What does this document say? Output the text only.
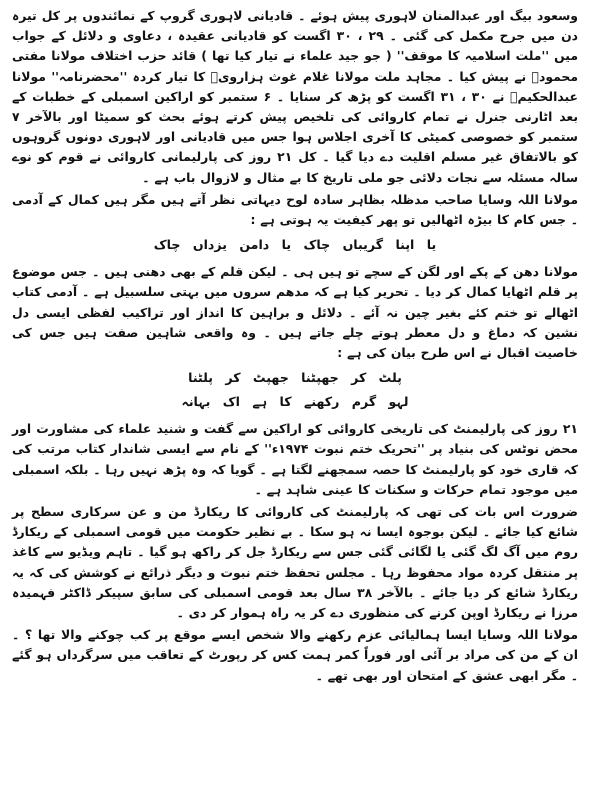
وسعود بیگ اور عبدالمنان لاہوری پیش ہوئے ۔ قادیانی لاہوری گروپ کے نمائندوں پر کل تیرہ دن میں جرح مکمل کی گئی ۔ ۲۹ ، ۳۰ اگست کو قادیانی عقیدہ ، دعاوی و دلائل کے جواب میں ''ملت اسلامیہ کا موقف'' ( جو جید علماء نے تیار کیا تھا ) قائد حزب اختلاف مولانا مفتی محمودؒ نے پیش کیا ۔ مجاہد ملت مولانا غلام غوث ہزارویؒ کا تیار کردہ ''محضرنامہ'' مولانا عبدالحکیمؒ نے ۳۰ ، ۳۱ اگست کو پڑھ کر سنایا ۔ ۶ ستمبر کو اراکین اسمبلی کے خطبات کے بعد اٹارنی جنرل نے تمام کاروائی کی تلخیص پیش کرتے ہوئے بحث کو سمیٹا اور بالآخر ۷ ستمبر کو خصوصی کمیٹی کا آخری اجلاس ہوا جس میں قادیانی اور لاہوری دونوں گروہوں کو بالاتفاق غیر مسلم اقلیت دے دیا گیا ۔ کل ۲۱ روز کی پارلیمانی کاروائی نے قوم کو نوے سالہ مسئلہ سے نجات دلائی جو ملی تاریخ کا بے مثال و لازوال باب ہے ۔

مولانا اللہ وسایا صاحب مدظلہ بظاہر سادہ لوح دیہاتی نظر آتے ہیں مگر ہیں کمال کے آدمی ۔ جس کام کا بیڑہ اٹھالیں تو پھر کیفیت یہ ہوتی ہے :

یا اپنا گریباں چاک یا دامن یزداں چاک

مولانا دھن کے پکے اور لگن کے سچے تو ہیں ہی ۔ لیکن قلم کے بھی دھنی ہیں ۔ جس موضوع پر قلم اٹھایا کمال کر دیا ۔ تحریر کیا ہے کہ مدھم سروں میں بہتی سلسبیل ہے ۔ آدمی کتاب اٹھالے تو ختم کئے بغیر چین نہ آئے ۔ دلائل و براہین کا انداز اور تراکیب لفظی ایسی دل نشین کہ دماغ و دل معطر ہوتے چلے جاتے ہیں ۔ وہ واقعی شاہین صفت ہیں جس کی خاصیت اقبال نے اس طرح بیان کی ہے :

پلٹ کر جھپٹنا جھپٹ کر پلٹنا
لہو گرم رکھنے کا ہے اک بہانہ

۲۱ روز کی پارلیمنٹ کی تاریخی کاروائی کو اراکین سے گفت و شنید علماء کی مشاورت اور محض نوٹس کی بنیاد پر ''تحریک ختم نبوت ۱۹۷۴ء'' کے نام سے ایسی شاندار کتاب مرتب کی کہ قاری خود کو پارلیمنٹ کا حصہ سمجھنے لگتا ہے ۔ گویا کہ وہ پڑھ نہیں رہا ۔ بلکہ اسمبلی میں موجود تمام حرکات و سکنات کا عینی شاہد ہے ۔

ضرورت اس بات کی تھی کہ پارلیمنٹ کی کاروائی کا ریکارڈ من و عن سرکاری سطح پر شائع کیا جائے ۔ لیکن بوجوہ ایسا نہ ہو سکا ۔ بے نظیر حکومت میں قومی اسمبلی کے ریکارڈ روم میں آگ لگ گئی یا لگائی گئی جس سے ریکارڈ جل کر راکھ ہو گیا ۔ تاہم ویڈیو سے کاغذ پر منتقل کردہ مواد محفوظ رہا ۔ مجلس تحفظ ختم نبوت و دیگر ذرائع نے کوشش کی کہ یہ ریکارڈ شائع کر دیا جائے ۔ بالآخر ۳۸ سال بعد قومی اسمبلی کی سابق سپیکر ڈاکٹر فہمیدہ مرزا نے ریکارڈ اوپن کرنے کی منظوری دے کر یہ راہ ہموار کر دی ۔

مولانا اللہ وسایا ایسا ہمالیائی عزم رکھنے والا شخص ایسے موقع پر کب چوکنے والا تھا ؟ ۔ ان کے من کی مراد بر آئی اور فوراً کمر ہمت کس کر رپورٹ کے تعاقب میں سرگرداں ہو گئے ۔ مگر ابھی عشق کے امتحان اور بھی تھے ۔
